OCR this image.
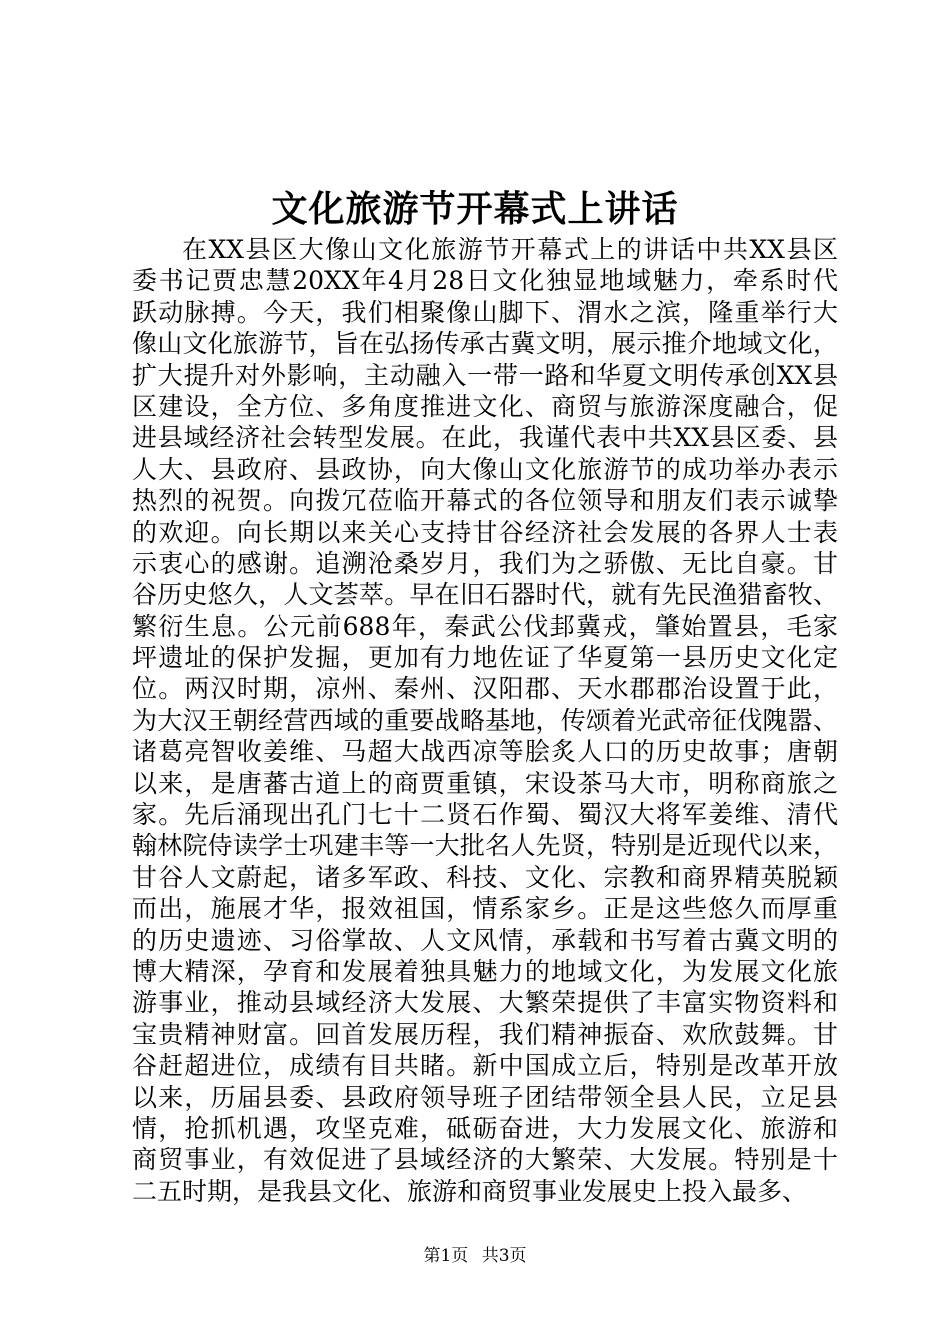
文化旅游节开幕式上讲话
在XX县区大像山文化旅游节开幕式上的讲话中共XX县区
委书记贾忠慧20XX年4月28日文化独显地域魅力，牵系时代
跃动脉搏。今天，我们相聚像山脚下、渭水之滨，隆重举行大
像山文化旅游节，旨在弘扬传承古冀文明，展示推介地域文化，
扩大提升对外影响，主动融入一带一路和华夏文明传承创XX县
区建设，全方位、多角度推进文化、商贸与旅游深度融合，促
进县域经济社会转型发展。在此，我谨代表中共XX县区委、县
人大、县政府、县政协，向大像山文化旅游节的成功举办表示
热烈的祝贺。向拨冗莅临开幕式的各位领导和朋友们表示诚挚
的欢迎。向长期以来关心支持甘谷经济社会发展的各界人士表
示衷心的感谢。追溯沧桑岁月，我们为之骄傲、无比自豪。甘
谷历史悠久，人文荟萃。早在旧石器时代，就有先民渔猎畜牧、
繁衍生息。公元前688年，秦武公伐邽冀戎，肇始置县，毛家
坪遗址的保护发掘，更加有力地佐证了华夏第一县历史文化定
位。两汉时期，凉州、秦州、汉阳郡、天水郡郡治设置于此，
为大汉王朝经营西域的重要战略基地，传颂着光武帝征伐隗嚣、
诸葛亮智收姜维、马超大战西凉等脍炙人口的历史故事；唐朝
以来，是唐蕃古道上的商贾重镇，宋设茶马大市，明称商旅之
家。先后涌现出孔门七十二贤石作蜀、蜀汉大将军姜维、清代
翰林院侍读学士巩建丰等一大批名人先贤，特别是近现代以来，
甘谷人文蔚起，诸多军政、科技、文化、宗教和商界精英脱颖
而出，施展才华，报效祖国，情系家乡。正是这些悠久而厚重
的历史遗迹、习俗掌故、人文风情，承载和书写着古冀文明的
博大精深，孕育和发展着独具魅力的地域文化，为发展文化旅
游事业，推动县域经济大发展、大繁荣提供了丰富实物资料和
宝贵精神财富。回首发展历程，我们精神振奋、欢欣鼓舞。甘
谷赶超进位，成绩有目共睹。新中国成立后，特别是改革开放
以来，历届县委、县政府领导班子团结带领全县人民，立足县
情，抢抓机遇，攻坚克难，砥砺奋进，大力发展文化、旅游和
商贸事业，有效促进了县域经济的大繁荣、大发展。特别是十
二五时期，是我县文化、旅游和商贸事业发展史上投入最多、
第1页 共3页
